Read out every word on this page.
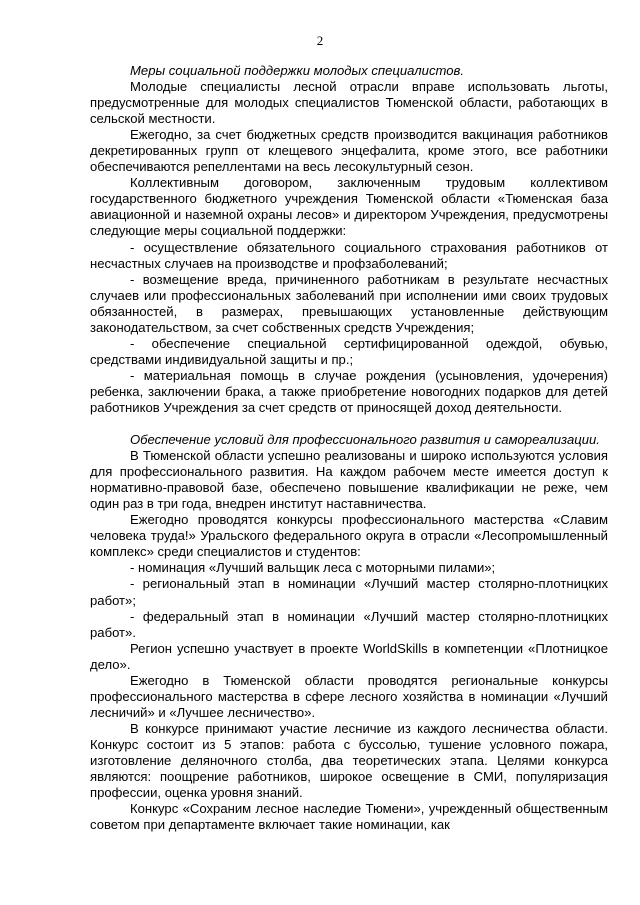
2

Меры социальной поддержки молодых специалистов.

Молодые специалисты лесной отрасли вправе использовать льготы, предусмотренные для молодых специалистов Тюменской области, работающих в сельской местности.

Ежегодно, за счет бюджетных средств производится вакцинация работников декретированных групп от клещевого энцефалита, кроме этого, все работники обеспечиваются репеллентами на весь лесокультурный сезон.

Коллективным договором, заключенным трудовым коллективом государственного бюджетного учреждения Тюменской области «Тюменская база авиационной и наземной охраны лесов» и директором Учреждения, предусмотрены следующие меры социальной поддержки:

- осуществление обязательного социального страхования работников от несчастных случаев на производстве и профзаболеваний;

- возмещение вреда, причиненного работникам в результате несчастных случаев или профессиональных заболеваний при исполнении ими своих трудовых обязанностей, в размерах, превышающих установленные действующим законодательством, за счет собственных средств Учреждения;

- обеспечение специальной сертифицированной одеждой, обувью, средствами индивидуальной защиты и пр.;

- материальная помощь в случае рождения (усыновления, удочерения) ребенка, заключении брака, а также приобретение новогодних подарков для детей работников Учреждения за счет средств от приносящей доход деятельности.

Обеспечение условий для профессионального развития и самореализации.

В Тюменской области успешно реализованы и широко используются условия для профессионального развития. На каждом рабочем месте имеется доступ к нормативно-правовой базе, обеспечено повышение квалификации не реже, чем один раз в три года, внедрен институт наставничества.

Ежегодно проводятся конкурсы профессионального мастерства «Славим человека труда!» Уральского федерального округа в отрасли «Лесопромышленный комплекс» среди специалистов и студентов:

- номинация «Лучший вальщик леса с моторными пилами»;

- региональный этап в номинации «Лучший мастер столярно-плотницких работ»;

- федеральный этап в номинации «Лучший мастер столярно-плотницких работ».

Регион успешно участвует в проекте WorldSkills в компетенции «Плотницкое дело».

Ежегодно в Тюменской области проводятся региональные конкурсы профессионального мастерства в сфере лесного хозяйства в номинации «Лучший лесничий» и «Лучшее лесничество».

В конкурсе принимают участие лесничие из каждого лесничества области. Конкурс состоит из 5 этапов: работа с буссолью, тушение условного пожара, изготовление деляночного столба, два теоретических этапа. Целями конкурса являются: поощрение работников, широкое освещение в СМИ, популяризация профессии, оценка уровня знаний.

Конкурс «Сохраним лесное наследие Тюмени», учрежденный общественным советом при департаменте включает такие номинации, как
